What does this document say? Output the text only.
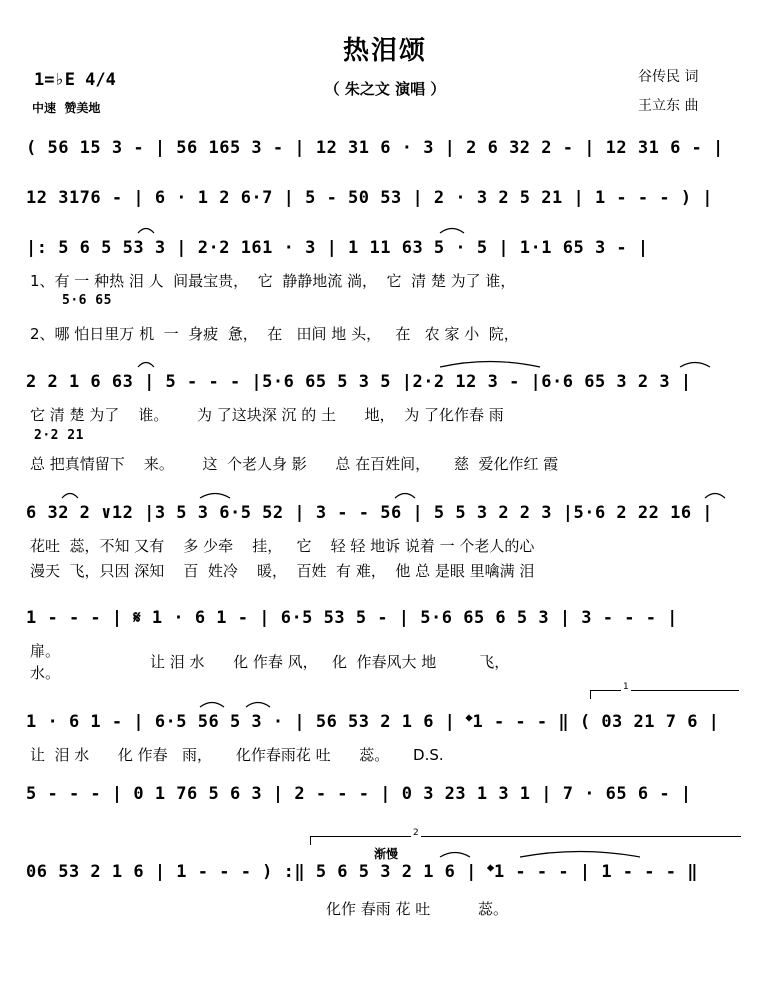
热泪颂
（ 朱之文 演唱 ）
谷传民 词
王立东 曲
1=♭E 4/4
中速  赞美地
( 56 15 3 - | 56 165 3 - | 12 31 6 · 3 | 2 6 32 2 - | 12 31 6 - |
12 3176 - | 6 · 1 2 6·7 | 5 - 50 53 | 2 · 3 2 5 21 | 1 - - - ) |
|: 5 6 5 53 3 | 2·2 161 · 3 | 1 11 63 5 · 5 | 1·1 65 3 - |
1、有 一 种热 泪 人  间最宝贵，  它  静静地流 淌，  它  清 楚 为了 谁，
5·6 65
2、哪 怕日里万 机  一  身疲  惫，  在   田间 地 头，   在   农 家 小  院，
2 2 1 6 63 | 5 - - - |5·6 65 5 3 5 |2·2 12 3 - |6·6 65 3 2 3 |
它 清 楚 为了    谁。      为 了这块深 沉 的 土      地，  为 了化作春 雨
2·2 21
总 把真情留下    来。      这  个老人身 影      总 在百姓间，     慈  爱化作红 霞
6 32 2 ∨12 |3 5 3 6·5 52 | 3 - - 56 | 5 5 3 2 2 3 |5·6 2 22 16 |
花吐  蕊，不知 又有    多 少牵    挂，   它    轻 轻 地诉 说着 一 个老人的心
漫天  飞，只因 深知    百  姓冷    暖，  百姓  有 难，  他 总 是眼 里噙满 泪
1 - - - | 𝄋 1 · 6 1 - | 6·5 53 5 - | 5·6 65 6 5 3 | 3 - - - |
扉。
水。
让 泪 水      化 作春 风，   化  作春风大 地         飞，
1
1 · 6 1 - | 6·5 56 5 3 · | 56 53 2 1 6 | 𝄌1 - - - ‖ ( 03 21 7 6 |
让  泪 水      化 作春   雨，     化作春雨花 吐      蕊。     D.S.
5 - - - | 0 1 76 5 6 3 | 2 - - - | 0 3 23 1 3 1 | 7 · 65 6 - |
2
渐慢
06 53 2 1 6 | 1 - - - ) :‖ 5 6 5 3 2 1 6 | 𝄌1 - - - | 1 - - - ‖
化作 春雨 花 吐          蕊。
